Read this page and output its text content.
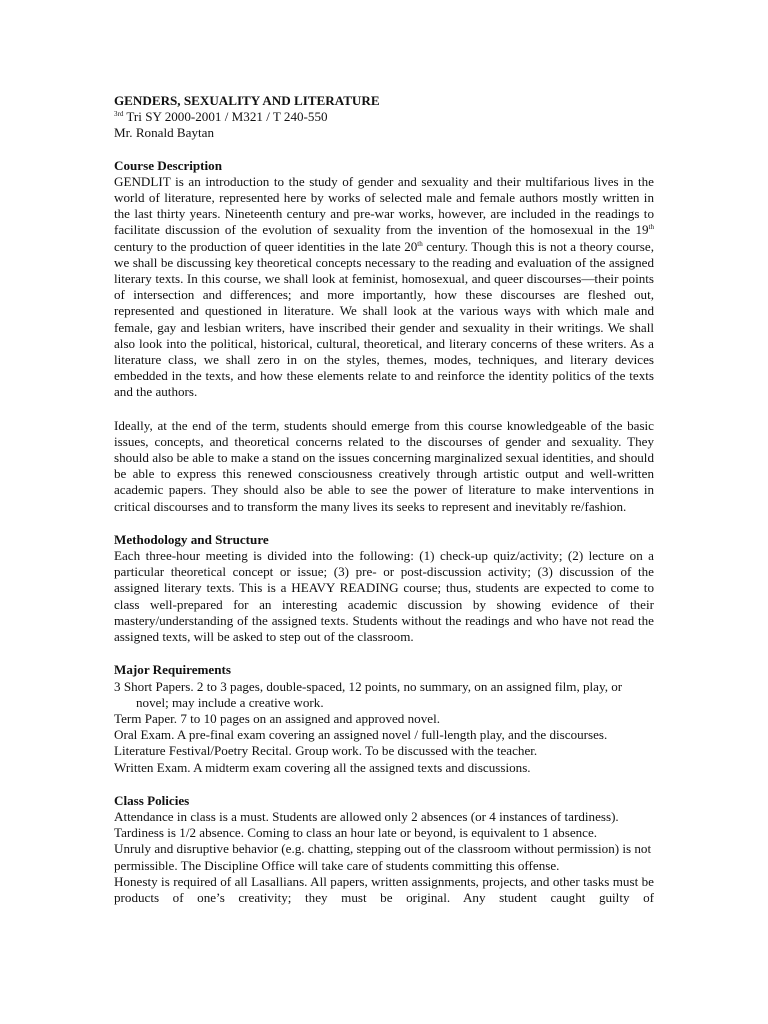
GENDERS, SEXUALITY AND LITERATURE
$^{3rd}$ Tri SY 2000-2001 / M321 / T 240-550
Mr. Ronald Baytan
Course Description

GENDLIT is an introduction to the study of gender and sexuality and their multifarious lives in the world of literature, represented here by works of selected male and female authors mostly written in the last thirty years. Nineteenth century and pre-war works, however, are included in the readings to facilitate discussion of the evolution of sexuality from the invention of the homosexual in the 19th century to the production of queer identities in the late 20th century. Though this is not a theory course, we shall be discussing key theoretical concepts necessary to the reading and evaluation of the assigned literary texts. In this course, we shall look at feminist, homosexual, and queer discourses—their points of intersection and differences; and more importantly, how these discourses are fleshed out, represented and questioned in literature. We shall look at the various ways with which male and female, gay and lesbian writers, have inscribed their gender and sexuality in their writings. We shall also look into the political, historical, cultural, theoretical, and literary concerns of these writers. As a literature class, we shall zero in on the styles, themes, modes, techniques, and literary devices embedded in the texts, and how these elements relate to and reinforce the identity politics of the texts and the authors.

Ideally, at the end of the term, students should emerge from this course knowledgeable of the basic issues, concepts, and theoretical concerns related to the discourses of gender and sexuality. They should also be able to make a stand on the issues concerning marginalized sexual identities, and should be able to express this renewed consciousness creatively through artistic output and well-written academic papers. They should also be able to see the power of literature to make interventions in critical discourses and to transform the many lives its seeks to represent and inevitably re/fashion.

Methodology and Structure

Each three-hour meeting is divided into the following: (1) check-up quiz/activity; (2) lecture on a particular theoretical concept or issue; (3) pre- or post-discussion activity; (3) discussion of the assigned literary texts. This is a HEAVY READING course; thus, students are expected to come to class well-prepared for an interesting academic discussion by showing evidence of their mastery/understanding of the assigned texts. Students without the readings and who have not read the assigned texts, will be asked to step out of the classroom.

Major Requirements
3 Short Papers. 2 to 3 pages, double-spaced, 12 points, no summary, on an assigned film, play, or
novel; may include a creative work.
Term Paper. 7 to 10 pages on an assigned and approved novel.
Oral Exam. A pre-final exam covering an assigned novel / full-length play, and the discourses.
Literature Festival/Poetry Recital. Group work. To be discussed with the teacher.
Written Exam. A midterm exam covering all the assigned texts and discussions.
Class Policies
Attendance in class is a must. Students are allowed only 2 absences (or 4 instances of tardiness).
Tardiness is 1/2 absence. Coming to class an hour late or beyond, is equivalent to 1 absence.

Unruly and disruptive behavior (e.g. chatting, stepping out of the classroom without permission) is not permissible. The Discipline Office will take care of students committing this offense.

Honesty is required of all Lasallians. All papers, written assignments, projects, and other tasks must be products of one’s creativity; they must be original. Any student caught guilty of
